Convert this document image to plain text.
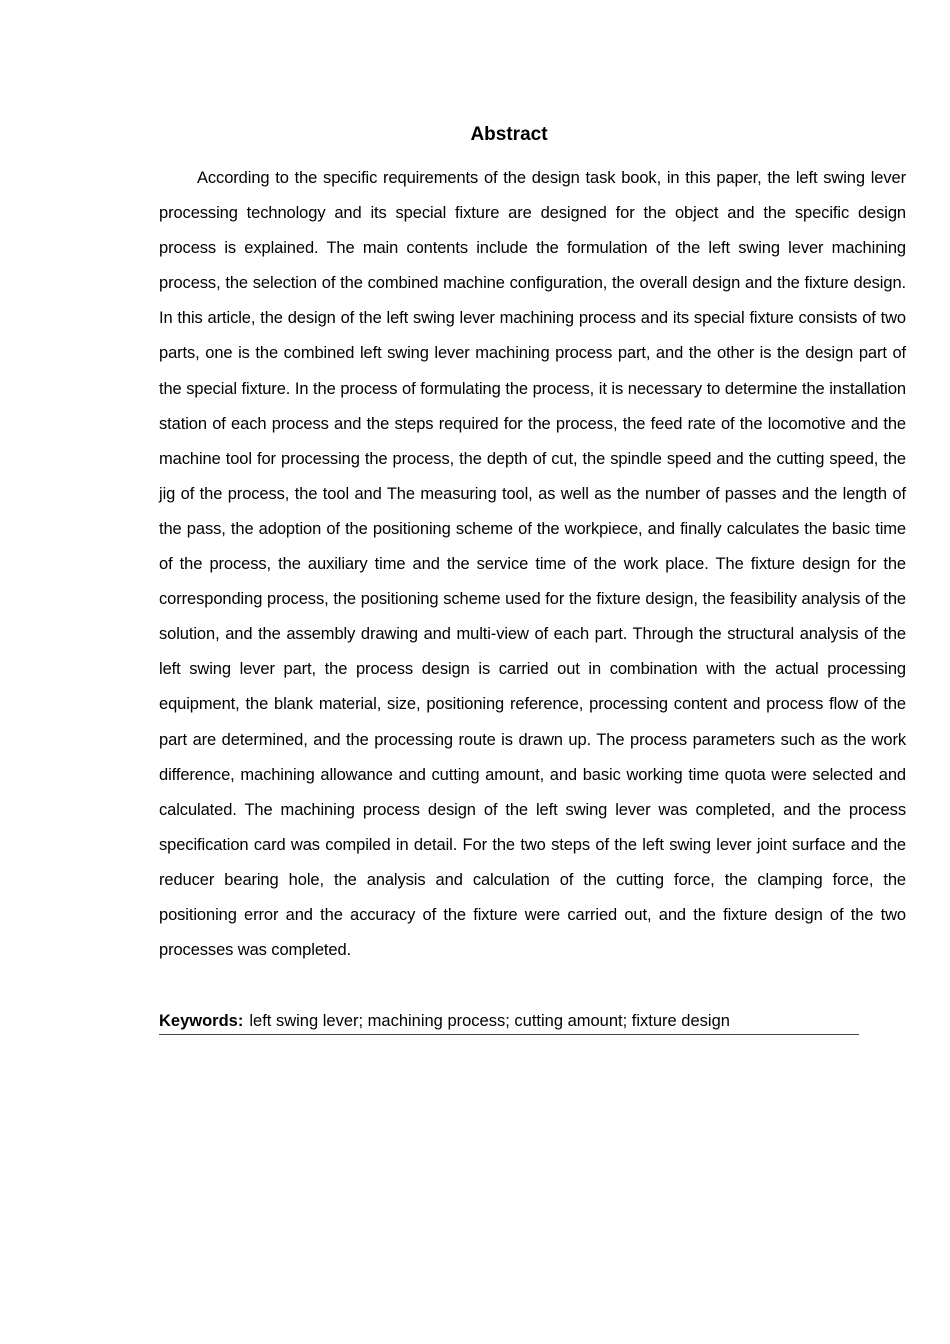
Abstract

According to the specific requirements of the design task book, in this paper, the left swing lever processing technology and its special fixture are designed for the object and the specific design process is explained. The main contents include the formulation of the left swing lever machining process, the selection of the combined machine configuration, the overall design and the fixture design. In this article, the design of the left swing lever machining process and its special fixture consists of two parts, one is the combined left swing lever machining process part, and the other is the design part of the special fixture. In the process of formulating the process, it is necessary to determine the installation station of each process and the steps required for the process, the feed rate of the locomotive and the machine tool for processing the process, the depth of cut, the spindle speed and the cutting speed, the jig of the process, the tool and The measuring tool, as well as the number of passes and the length of the pass, the adoption of the positioning scheme of the workpiece, and finally calculates the basic time of the process, the auxiliary time and the service time of the work place. The fixture design for the corresponding process, the positioning scheme used for the fixture design, the feasibility analysis of the solution, and the assembly drawing and multi-view of each part. Through the structural analysis of the left swing lever part, the process design is carried out in combination with the actual processing equipment, the blank material, size, positioning reference, processing content and process flow of the part are determined, and the processing route is drawn up. The process parameters such as the work difference, machining allowance and cutting amount, and basic working time quota were selected and calculated. The machining process design of the left swing lever was completed, and the process specification card was compiled in detail. For the two steps of the left swing lever joint surface and the reducer bearing hole, the analysis and calculation of the cutting force, the clamping force, the positioning error and the accuracy of the fixture were carried out, and the fixture design of the two processes was completed.

Keywords: left swing lever; machining process; cutting amount; fixture design
